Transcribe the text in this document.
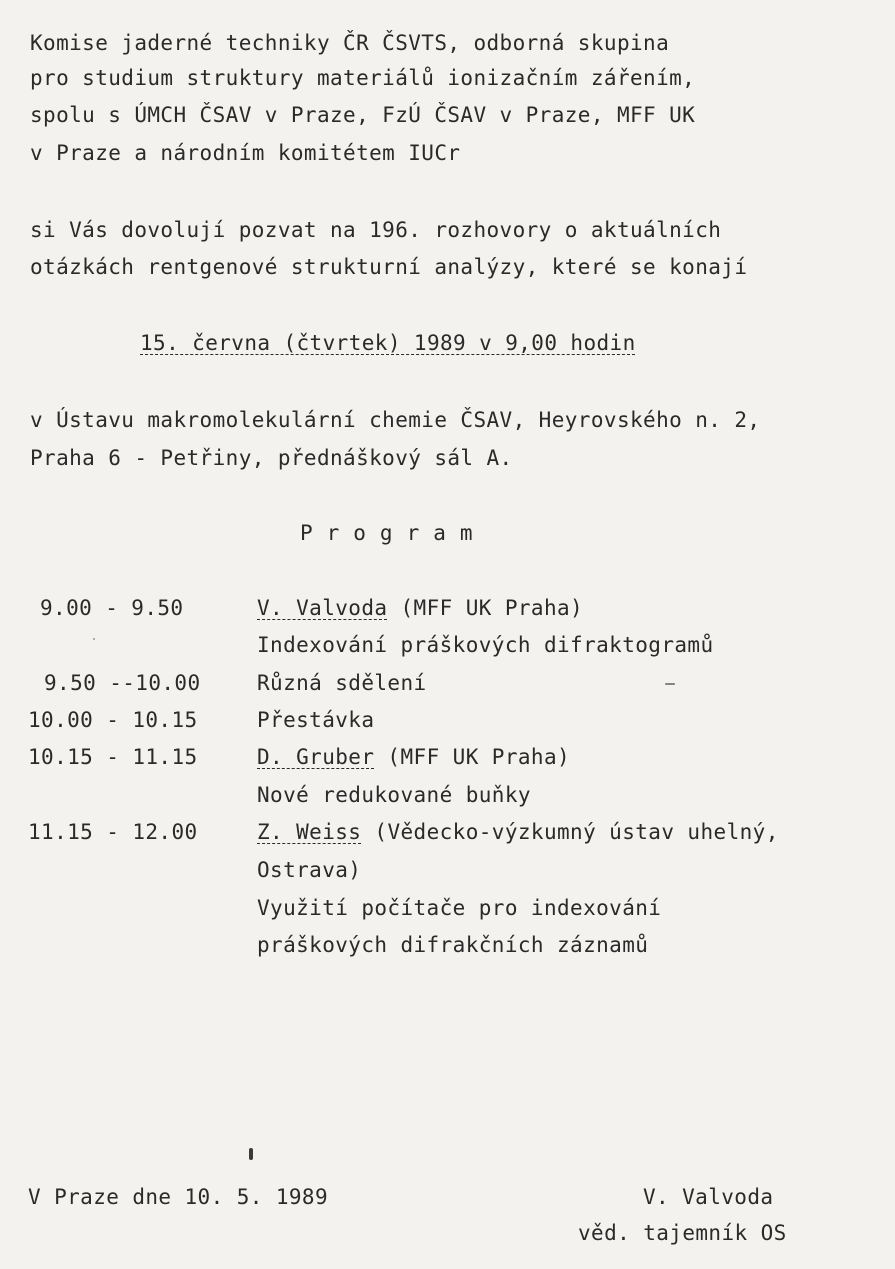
Komise jaderné techniky ČR ČSVTS, odborná skupina
pro studium struktury materiálů ionizačním zářením,
spolu s ÚMCH ČSAV v Praze, FzÚ ČSAV v Praze, MFF UK
v Praze a národním komitétem IUCr
si Vás dovolují pozvat na 196. rozhovory o aktuálních
otázkách rentgenové strukturní analýzy, které se konají
15. června (čtvrtek) 1989 v 9,00 hodin
v Ústavu makromolekulární chemie ČSAV, Heyrovského n. 2,
Praha 6 - Petřiny, přednáškový sál A.
Program
9.00 - 9.50	V. Valvoda (MFF UK Praha)
Indexování práškových difraktogramů
9.50 --10.00	Různá sdělení
10.00 - 10.15	Přestávka
10.15 - 11.15	D. Gruber (MFF UK Praha)
Nové redukované buňky
11.15 - 12.00	Z. Weiss (Vědecko-výzkumný ústav uhelný,
Ostrava)
Využití počítače pro indexování
práškových difrakčních záznamů
V Praze dne 10. 5. 1989	V. Valvoda
věd. tajemník OS
